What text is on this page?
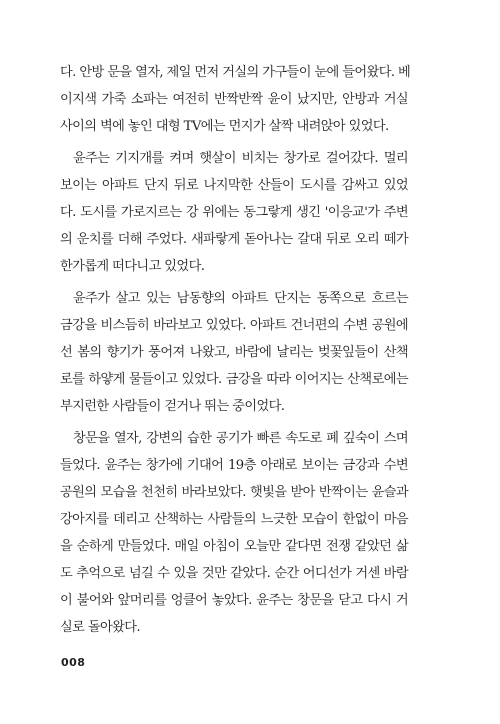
다. 안방 문을 열자, 제일 먼저 거실의 가구들이 눈에 들어왔다. 베
이지색 가죽 소파는 여전히 반짝반짝 윤이 났지만, 안방과 거실
사이의 벽에 놓인 대형 TV에는 먼지가 살짝 내려앉아 있었다.
윤주는 기지개를 켜며 햇살이 비치는 창가로 걸어갔다. 멀리
보이는 아파트 단지 뒤로 나지막한 산들이 도시를 감싸고 있었
다. 도시를 가로지르는 강 위에는 동그랗게 생긴 '이응교'가 주변
의 운치를 더해 주었다. 새파랗게 돋아나는 갈대 뒤로 오리 떼가
한가롭게 떠다니고 있었다.
윤주가 살고 있는 남동향의 아파트 단지는 동쪽으로 흐르는
금강을 비스듬히 바라보고 있었다. 아파트 건너편의 수변 공원에
선 봄의 향기가 풍어져 나왔고, 바람에 날리는 벚꽃잎들이 산책
로를 하얗게 물들이고 있었다. 금강을 따라 이어지는 산책로에는
부지런한 사람들이 걷거나 뛰는 중이었다.
창문을 열자, 강변의 습한 공기가 빠른 속도로 폐 깊숙이 스며
들었다. 윤주는 창가에 기대어 19층 아래로 보이는 금강과 수변
공원의 모습을 천천히 바라보았다. 햇빛을 받아 반짝이는 윤슬과
강아지를 데리고 산책하는 사람들의 느긋한 모습이 한없이 마음
을 순하게 만들었다. 매일 아침이 오늘만 같다면 전쟁 같았던 삶
도 추억으로 넘길 수 있을 것만 같았다. 순간 어디선가 거센 바람
이 불어와 앞머리를 엉클어 놓았다. 윤주는 창문을 닫고 다시 거
실로 돌아왔다.
008
